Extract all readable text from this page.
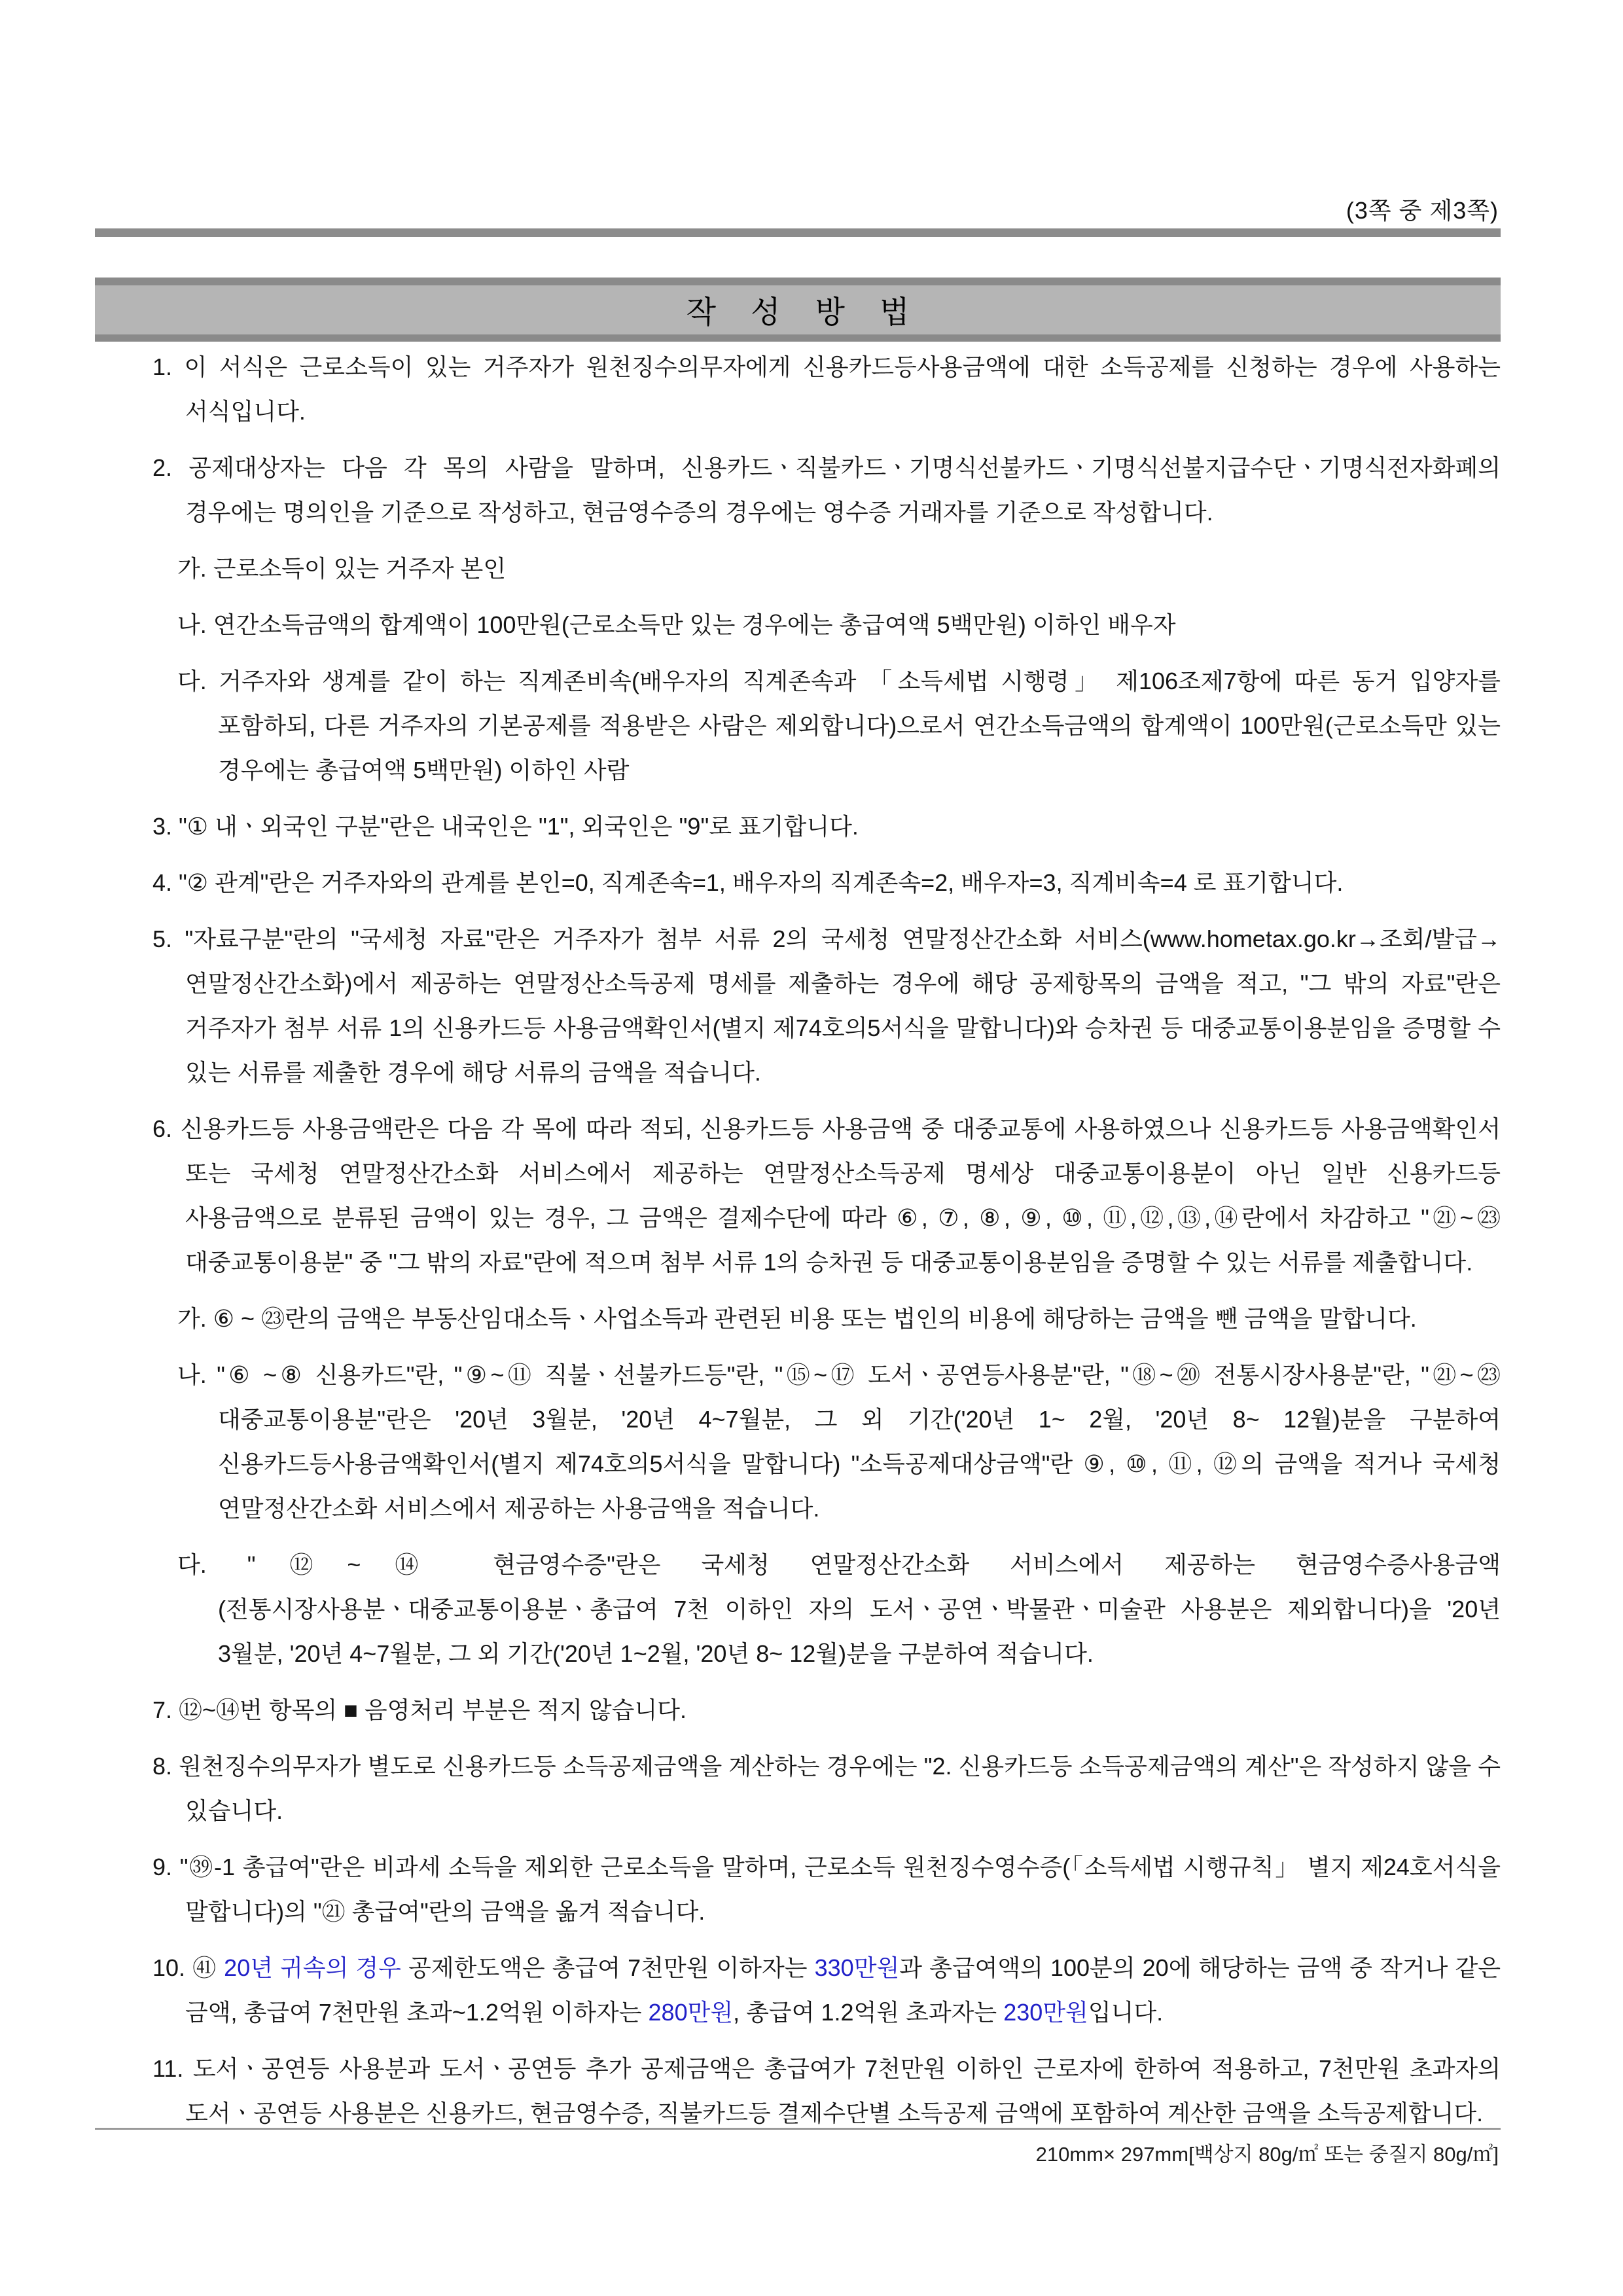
(3쪽 중 제3쪽)
작 성 방 법

1. 이 서식은 근로소득이 있는 거주자가 원천징수의무자에게 신용카드등사용금액에 대한 소득공제를 신청하는 경우에 사용하는 서식입니다.

2. 공제대상자는 다음 각 목의 사람을 말하며, 신용카드ㆍ직불카드ㆍ기명식선불카드ㆍ기명식선불지급수단ㆍ기명식전자화폐의 경우에는 명의인을 기준으로 작성하고, 현금영수증의 경우에는 영수증 거래자를 기준으로 작성합니다.

가. 근로소득이 있는 거주자 본인

나. 연간소득금액의 합계액이 100만원(근로소득만 있는 경우에는 총급여액 5백만원) 이하인 배우자

다. 거주자와 생계를 같이 하는 직계존비속(배우자의 직계존속과 「소득세법 시행령」 제106조제7항에 따른 동거 입양자를 포함하되, 다른 거주자의 기본공제를 적용받은 사람은 제외합니다)으로서 연간소득금액의 합계액이 100만원(근로소득만 있는 경우에는 총급여액 5백만원) 이하인 사람

3. "① 내ㆍ외국인 구분"란은 내국인은 "1", 외국인은 "9"로 표기합니다.

4. "② 관계"란은 거주자와의 관계를 본인=0, 직계존속=1, 배우자의 직계존속=2, 배우자=3, 직계비속=4 로 표기합니다.

5. "자료구분"란의 "국세청 자료"란은 거주자가 첨부 서류 2의 국세청 연말정산간소화 서비스(www.hometax.go.kr→조회/발급→연말정산간소화)에서 제공하는 연말정산소득공제 명세를 제출하는 경우에 해당 공제항목의 금액을 적고, "그 밖의 자료"란은 거주자가 첨부 서류 1의 신용카드등 사용금액확인서(별지 제74호의5서식을 말합니다)와 승차권 등 대중교통이용분임을 증명할 수 있는 서류를 제출한 경우에 해당 서류의 금액을 적습니다.

6. 신용카드등 사용금액란은 다음 각 목에 따라 적되, 신용카드등 사용금액 중 대중교통에 사용하였으나 신용카드등 사용금액확인서 또는 국세청 연말정산간소화 서비스에서 제공하는 연말정산소득공제 명세상 대중교통이용분이 아닌 일반 신용카드등 사용금액으로 분류된 금액이 있는 경우, 그 금액은 결제수단에 따라 ⑥, ⑦, ⑧, ⑨, ⑩, ⑪,⑫,⑬,⑭란에서 차감하고 "㉑~㉓ 대중교통이용분" 중 "그 밖의 자료"란에 적으며 첨부 서류 1의 승차권 등 대중교통이용분임을 증명할 수 있는 서류를 제출합니다.

가. ⑥ ~ ㉓란의 금액은 부동산임대소득ㆍ사업소득과 관련된 비용 또는 법인의 비용에 해당하는 금액을 뺀 금액을 말합니다.

나. "⑥ ~⑧ 신용카드"란, "⑨~⑪ 직불ㆍ선불카드등"란, "⑮~⑰ 도서ㆍ공연등사용분"란, "⑱~⑳ 전통시장사용분"란, "㉑~㉓ 대중교통이용분"란은 '20년 3월분, '20년 4~7월분, 그 외 기간('20년 1~ 2월, '20년 8~ 12월)분을 구분하여 신용카드등사용금액확인서(별지 제74호의5서식을 말합니다) "소득공제대상금액"란 ⑨, ⑩, ⑪, ⑫의 금액을 적거나 국세청 연말정산간소화 서비스에서 제공하는 사용금액을 적습니다.

다. "⑫~⑭ 현금영수증"란은 국세청 연말정산간소화 서비스에서 제공하는 현금영수증사용금액(전통시장사용분ㆍ대중교통이용분ㆍ총급여 7천 이하인 자의 도서ㆍ공연ㆍ박물관ㆍ미술관 사용분은 제외합니다)을 '20년 3월분, '20년 4~7월분, 그 외 기간('20년 1~2월, '20년 8~ 12월)분을 구분하여 적습니다.

7. ⑫~⑭번 항목의 ■ 음영처리 부분은 적지 않습니다.

8. 원천징수의무자가 별도로 신용카드등 소득공제금액을 계산하는 경우에는 "2. 신용카드등 소득공제금액의 계산"은 작성하지 않을 수 있습니다.

9. "㊴-1 총급여"란은 비과세 소득을 제외한 근로소득을 말하며, 근로소득 원천징수영수증(「소득세법 시행규칙」 별지 제24호서식을 말합니다)의 "㉑ 총급여"란의 금액을 옮겨 적습니다.

10. ㊶ 20년 귀속의 경우 공제한도액은 총급여 7천만원 이하자는 330만원과 총급여액의 100분의 20에 해당하는 금액 중 작거나 같은 금액, 총급여 7천만원 초과~1.2억원 이하자는 280만원, 총급여 1.2억원 초과자는 230만원입니다.

11. 도서ㆍ공연등 사용분과 도서ㆍ공연등 추가 공제금액은 총급여가 7천만원 이하인 근로자에 한하여 적용하고, 7천만원 초과자의 도서ㆍ공연등 사용분은 신용카드, 현금영수증, 직불카드등 결제수단별 소득공제 금액에 포함하여 계산한 금액을 소득공제합니다.

210mm× 297mm[백상지 80g/㎡ 또는 중질지 80g/㎡]
